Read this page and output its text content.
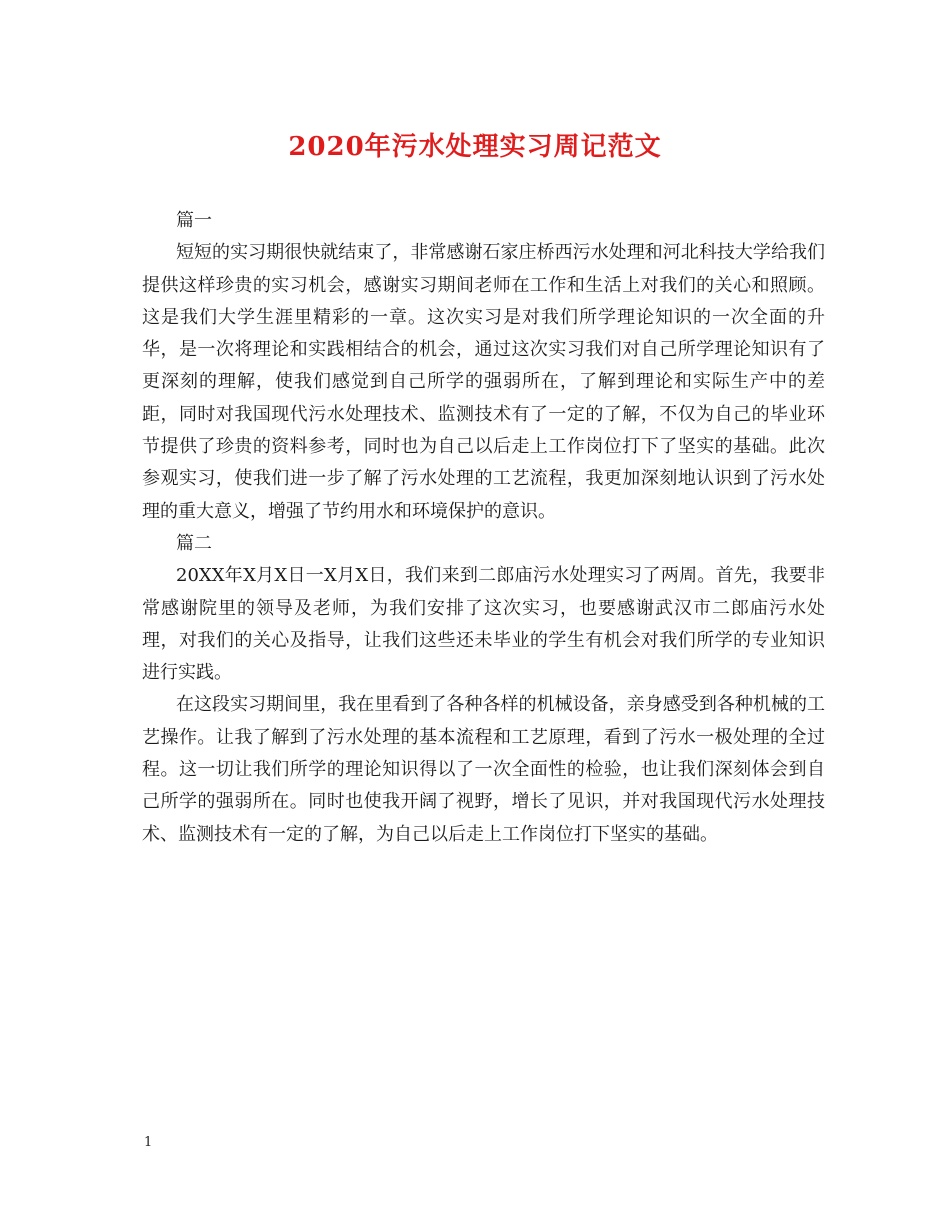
2020年污水处理实习周记范文

篇一

短短的实习期很快就结束了，非常感谢石家庄桥西污水处理和河北科技大学给我们提供这样珍贵的实习机会，感谢实习期间老师在工作和生活上对我们的关心和照顾。这是我们大学生涯里精彩的一章。这次实习是对我们所学理论知识的一次全面的升华，是一次将理论和实践相结合的机会，通过这次实习我们对自己所学理论知识有了更深刻的理解，使我们感觉到自己所学的强弱所在，了解到理论和实际生产中的差距，同时对我国现代污水处理技术、监测技术有了一定的了解，不仅为自己的毕业环节提供了珍贵的资料参考，同时也为自己以后走上工作岗位打下了坚实的基础。此次参观实习，使我们进一步了解了污水处理的工艺流程，我更加深刻地认识到了污水处理的重大意义，增强了节约用水和环境保护的意识。

篇二

20XX年X月X日一X月X日，我们来到二郎庙污水处理实习了两周。首先，我要非常感谢院里的领导及老师，为我们安排了这次实习，也要感谢武汉市二郎庙污水处理，对我们的关心及指导，让我们这些还未毕业的学生有机会对我们所学的专业知识进行实践。

在这段实习期间里，我在里看到了各种各样的机械设备，亲身感受到各种机械的工艺操作。让我了解到了污水处理的基本流程和工艺原理，看到了污水一极处理的全过程。这一切让我们所学的理论知识得以了一次全面性的检验，也让我们深刻体会到自己所学的强弱所在。同时也使我开阔了视野，增长了见识，并对我国现代污水处理技术、监测技术有一定的了解，为自己以后走上工作岗位打下坚实的基础。

1
